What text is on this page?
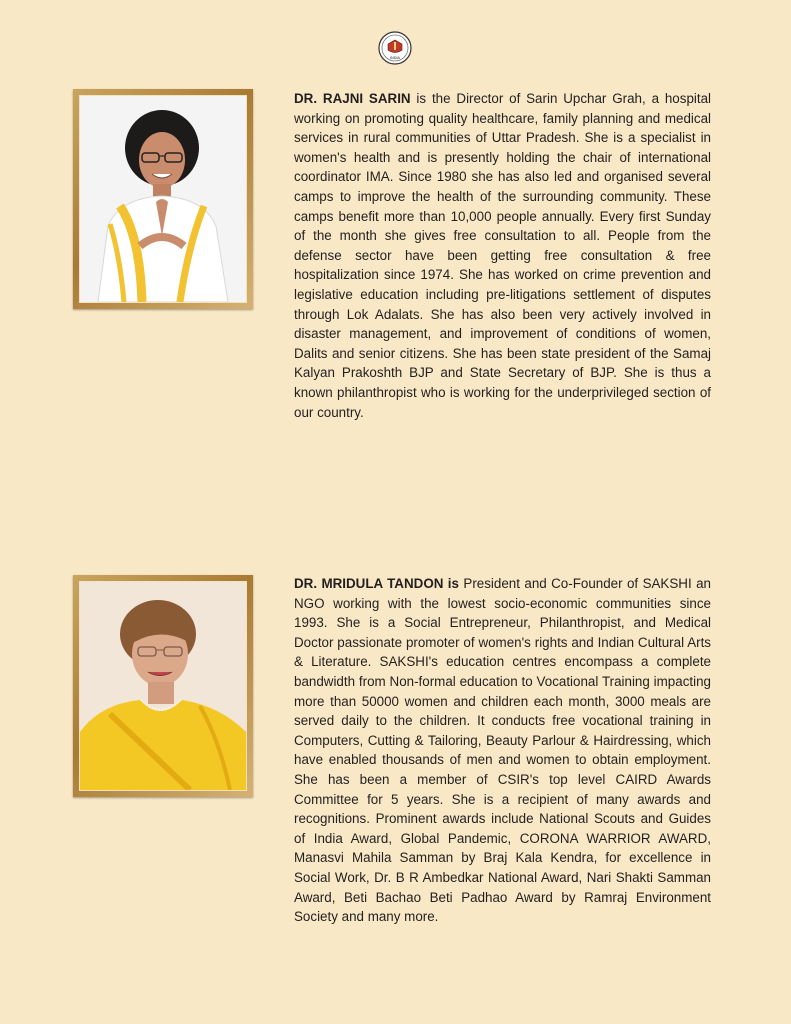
INDIA

DR. RAJNI SARIN is the Director of Sarin Upchar Grah, a hospital working on promoting quality healthcare, family planning and medical services in rural communities of Uttar Pradesh. She is a specialist in women's health and is presently holding the chair of international coordinator IMA. Since 1980 she has also led and organised several camps to improve the health of the surrounding community. These camps benefit more than 10,000 people annually. Every first Sunday of the month she gives free consultation to all. People from the defense sector have been getting free consultation & free hospitalization since 1974. She has worked on crime prevention and legislative education including pre-litigations settlement of disputes through Lok Adalats. She has also been very actively involved in disaster management, and improvement of conditions of women, Dalits and senior citizens. She has been state president of the Samaj Kalyan Prakoshth BJP and State Secretary of BJP. She is thus a known philanthropist who is working for the underprivileged section of our country.

DR. MRIDULA TANDON is President and Co-Founder of SAKSHI an NGO working with the lowest socio-economic communities since 1993. She is a Social Entrepreneur, Philanthropist, and Medical Doctor passionate promoter of women's rights and Indian Cultural Arts & Literature. SAKSHI's education centres encompass a complete bandwidth from Non-formal education to Vocational Training impacting more than 50000 women and children each month, 3000 meals are served daily to the children. It conducts free vocational training in Computers, Cutting & Tailoring, Beauty Parlour & Hairdressing, which have enabled thousands of men and women to obtain employment. She has been a member of CSIR's top level CAIRD Awards Committee for 5 years. She is a recipient of many awards and recognitions. Prominent awards include National Scouts and Guides of India Award, Global Pandemic, CORONA WARRIOR AWARD, Manasvi Mahila Samman by Braj Kala Kendra, for excellence in Social Work, Dr. B R Ambedkar National Award, Nari Shakti Samman Award, Beti Bachao Beti Padhao Award by Ramraj Environment Society and many more.
